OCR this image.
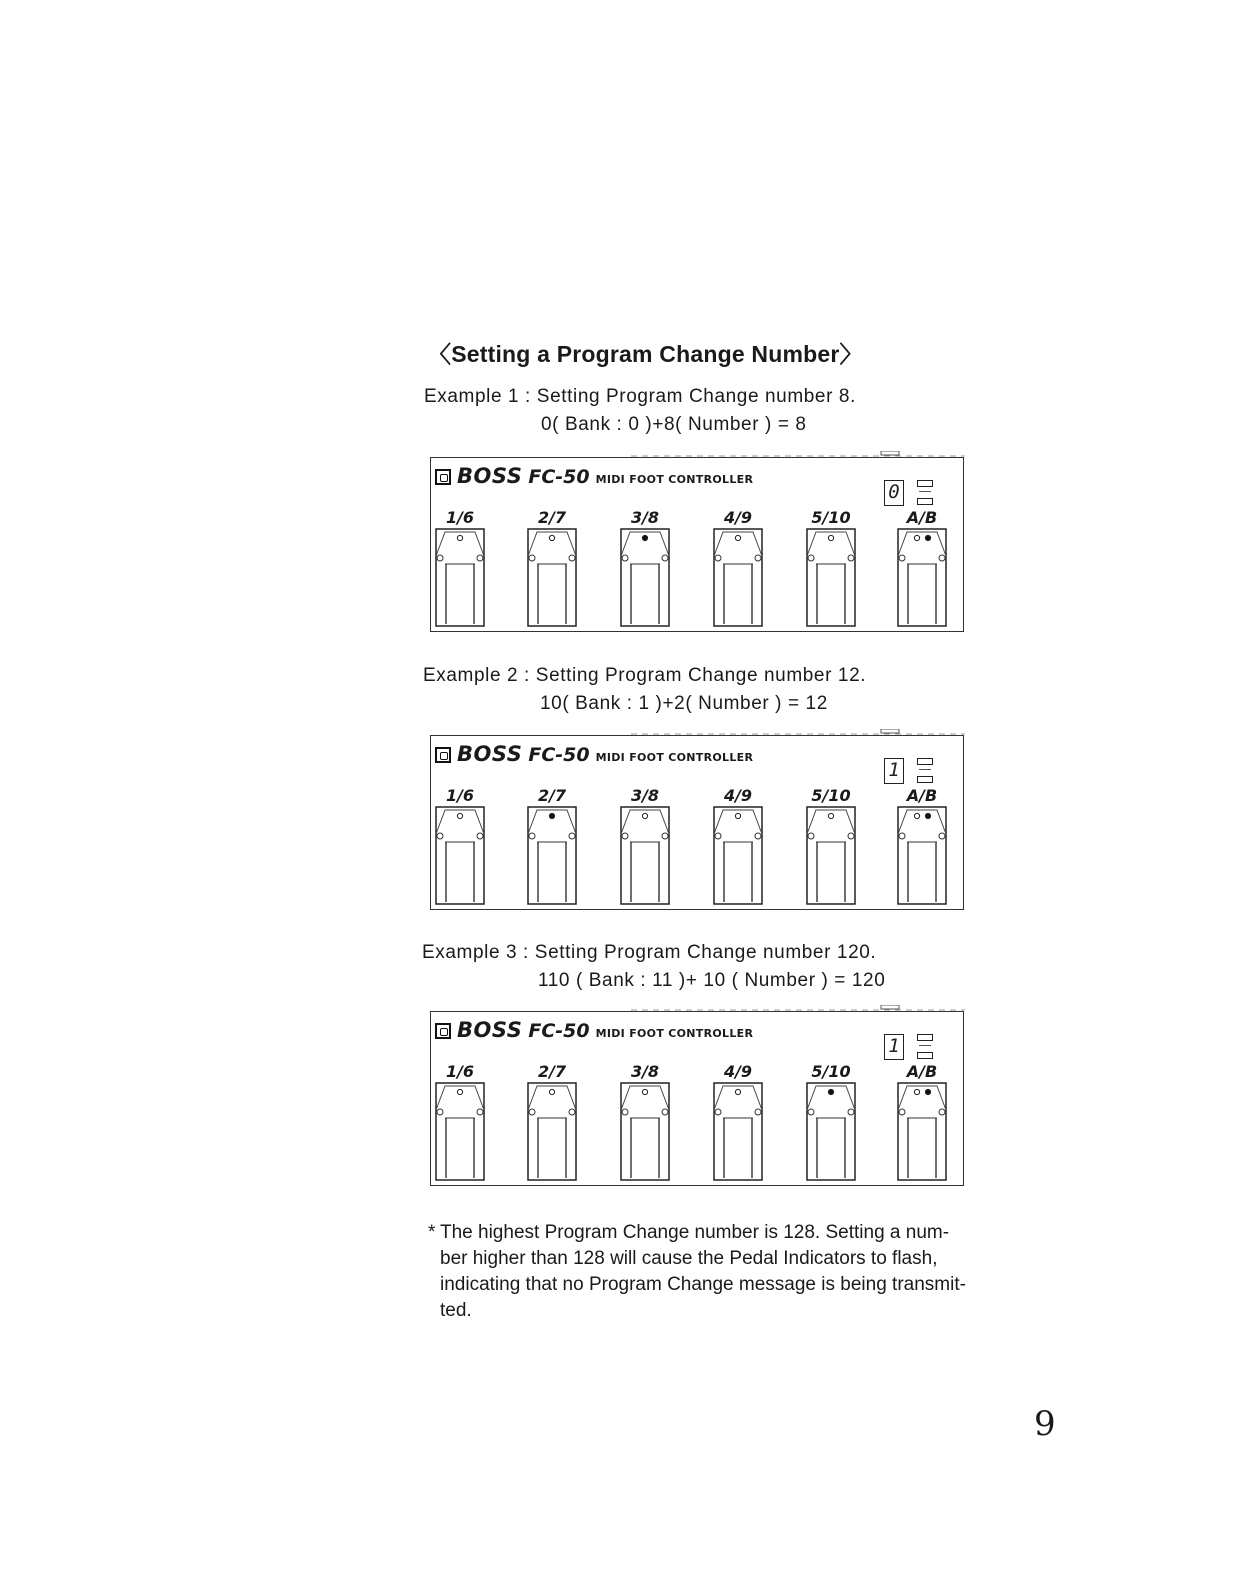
〈Setting a Program Change Number〉
Example 1 : Setting Program Change number 8.
0( Bank : 0 )+8( Number ) = 8
Example 2 : Setting Program Change number 12.
10( Bank : 1 )+2( Number ) = 12
Example 3 : Setting Program Change number 120.
110 ( Bank : 11 )+ 10 ( Number ) = 120
BOSS FC-50 MIDI FOOT CONTROLLER
0
1/6	2/7	3/8	4/9	5/10	A/B
BOSS FC-50 MIDI FOOT CONTROLLER
1
1/6	2/7	3/8	4/9	5/10	A/B
BOSS FC-50 MIDI FOOT CONTROLLER
1
1/6	2/7	3/8	4/9	5/10	A/B
* The highest Program Change number is 128. Setting a num-
ber higher than 128 will cause the Pedal Indicators to flash,
indicating that no Program Change message is being transmit-
ted.
9
